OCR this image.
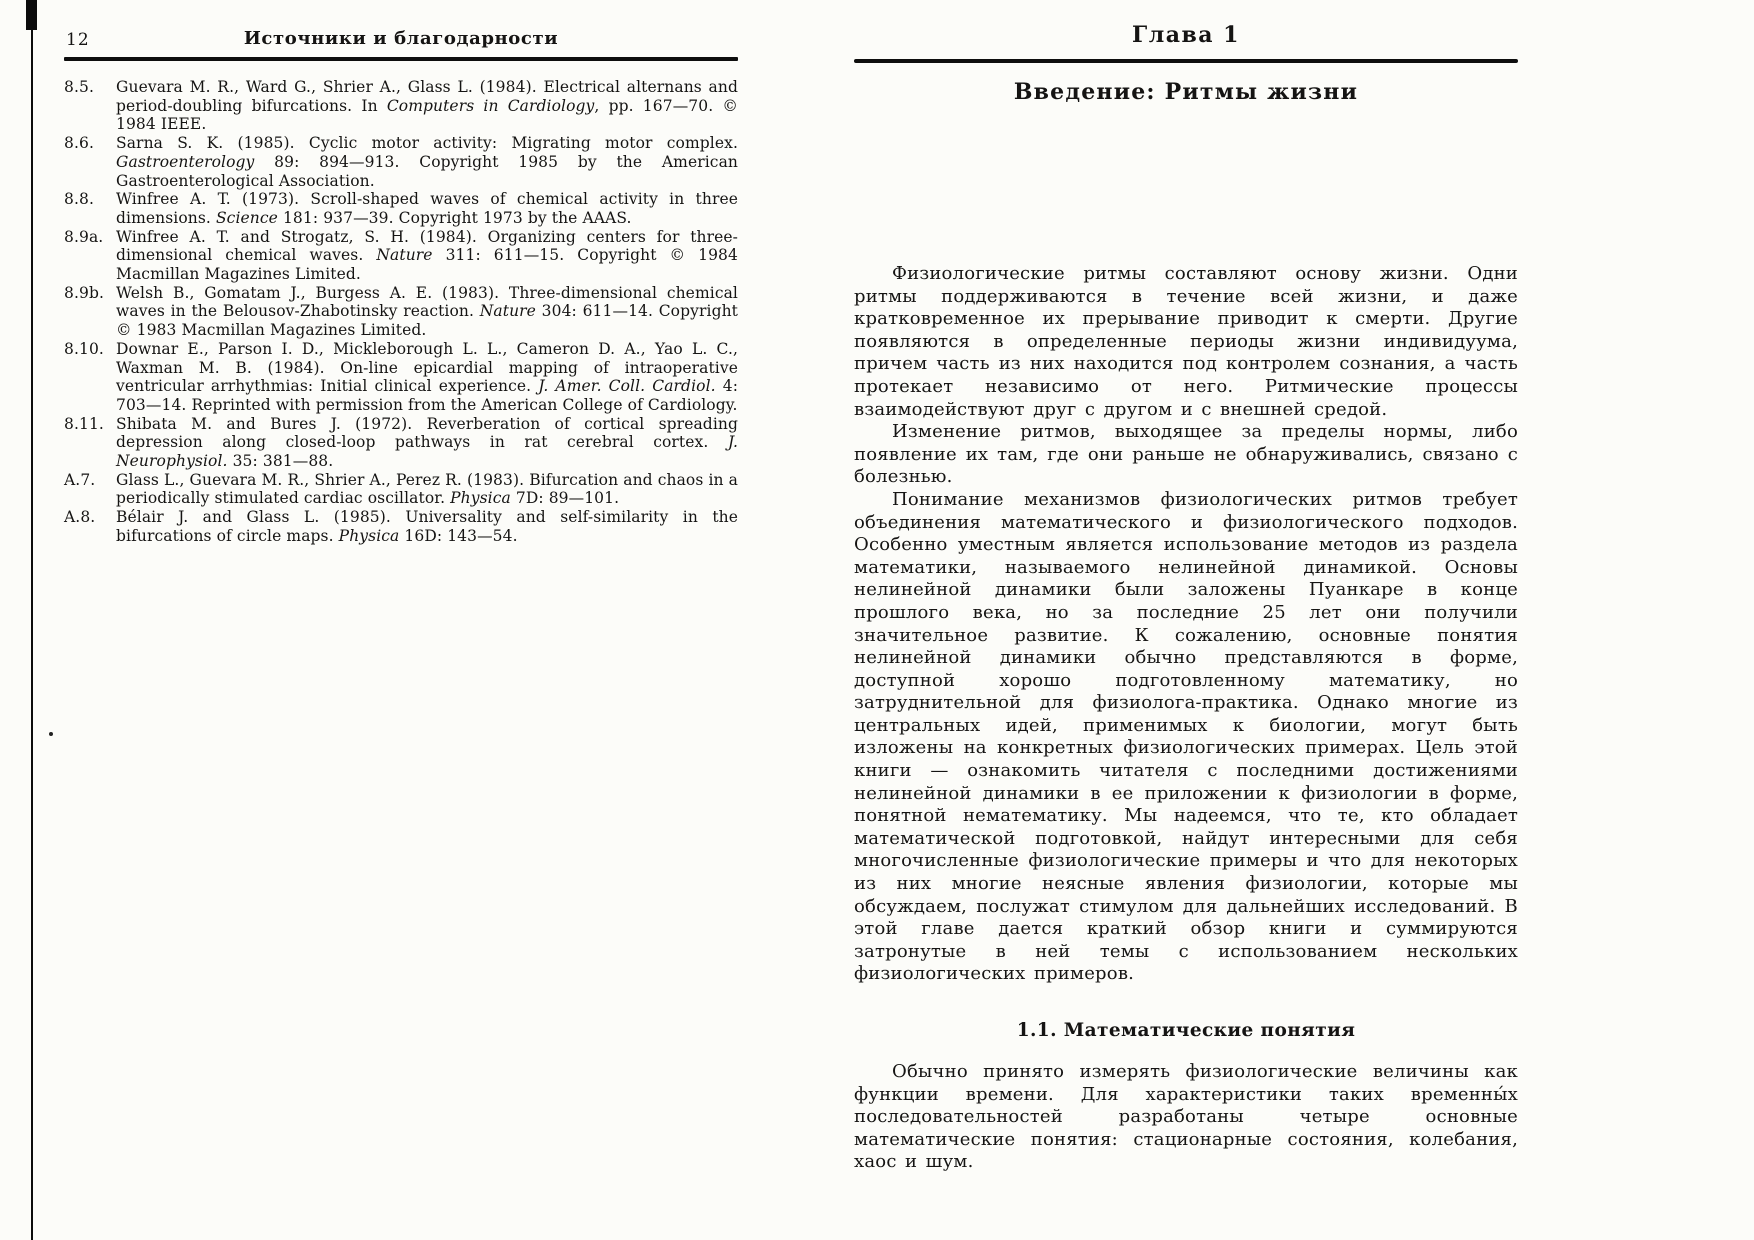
12	Источники и благодарности
8.5. Guevara M. R., Ward G., Shrier A., Glass L. (1984). Electrical alternans and period-doubling bifurcations. In Computers in Cardiology, pp. 167—70. © 1984 IEEE.
8.6. Sarna S. K. (1985). Cyclic motor activity: Migrating motor complex. Gastroenterology 89: 894—913. Copyright 1985 by the American Gastroenterological Association.
8.8. Winfree A. T. (1973). Scroll-shaped waves of chemical activity in three dimensions. Science 181: 937—39. Copyright 1973 by the AAAS.
8.9a. Winfree A. T. and Strogatz, S. H. (1984). Organizing centers for three-dimensional chemical waves. Nature 311: 611—15. Copyright © 1984 Macmillan Magazines Limited.
8.9b. Welsh B., Gomatam J., Burgess A. E. (1983). Three-dimensional chemical waves in the Belousov-Zhabotinsky reaction. Nature 304: 611—14. Copyright © 1983 Macmillan Magazines Limited.
8.10. Downar E., Parson I. D., Mickleborough L. L., Cameron D. A., Yao L. C., Waxman M. B. (1984). On-line epicardial mapping of intraoperative ventricular arrhythmias: Initial clinical experience. J. Amer. Coll. Cardiol. 4: 703—14. Reprinted with permission from the American College of Cardiology.
8.11. Shibata M. and Bures J. (1972). Reverberation of cortical spreading depression along closed-loop pathways in rat cerebral cortex. J. Neurophysiol. 35: 381—88.
A.7. Glass L., Guevara M. R., Shrier A., Perez R. (1983). Bifurcation and chaos in a periodically stimulated cardiac oscillator. Physica 7D: 89—101.
A.8. Bélair J. and Glass L. (1985). Universality and self-similarity in the bifurcations of circle maps. Physica 16D: 143—54.
Глава 1
Введение: Ритмы жизни

Физиологические ритмы составляют основу жизни. Одни ритмы поддерживаются в течение всей жизни, и даже кратковременное их прерывание приводит к смерти. Другие появляются в определенные периоды жизни индивидуума, причем часть из них находится под контролем сознания, а часть протекает независимо от него. Ритмические процессы взаимодействуют друг с другом и с внешней средой.

Изменение ритмов, выходящее за пределы нормы, либо появление их там, где они раньше не обнаруживались, связано с болезнью.

Понимание механизмов физиологических ритмов требует объединения математического и физиологического подходов. Особенно уместным является использование методов из раздела математики, называемого нелинейной динамикой. Основы нелинейной динамики были заложены Пуанкаре в конце прошлого века, но за последние 25 лет они получили значительное развитие. К сожалению, основные понятия нелинейной динамики обычно представляются в форме, доступной хорошо подготовленному математику, но затруднительной для физиолога-практика. Однако многие из центральных идей, применимых к биологии, могут быть изложены на конкретных физиологических примерах. Цель этой книги — ознакомить читателя с последними достижениями нелинейной динамики в ее приложении к физиологии в форме, понятной нематематику. Мы надеемся, что те, кто обладает математической подготовкой, найдут интересными для себя многочисленные физиологические примеры и что для некоторых из них многие неясные явления физиологии, которые мы обсуждаем, послужат стимулом для дальнейших исследований. В этой главе дается краткий обзор книги и суммируются затронутые в ней темы с использованием нескольких физиологических примеров.

1.1. Математические понятия

Обычно принято измерять физиологические величины как функции времени. Для характеристики таких временны́х последовательностей разработаны четыре основные математические понятия: стационарные состояния, колебания, хаос и шум.
